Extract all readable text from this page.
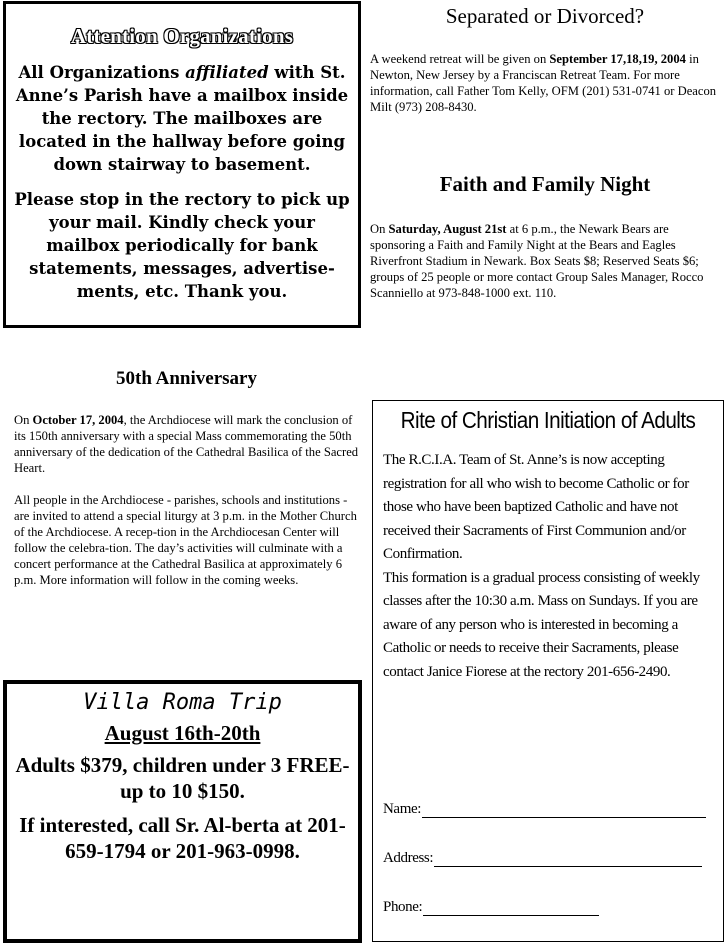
Attention Organizations

All Organizations affiliated with St. Anne’s Parish have a mailbox inside the rectory. The mailboxes are located in the hallway before going down stairway to basement.

Please stop in the rectory to pick up your mail. Kindly check your mailbox periodically for bank statements, messages, advertise-ments, etc. Thank you.

Separated or Divorced?

A weekend retreat will be given on September 17,18,19, 2004 in Newton, New Jersey by a Franciscan Retreat Team. For more information, call Father Tom Kelly, OFM (201) 531-0741 or Deacon Milt (973) 208-8430.

Faith and Family Night

On Saturday, August 21st at 6 p.m., the Newark Bears are sponsoring a Faith and Family Night at the Bears and Eagles Riverfront Stadium in Newark. Box Seats $8; Reserved Seats $6; groups of 25 people or more contact Group Sales Manager, Rocco Scanniello at 973-848-1000 ext. 110.

50th Anniversary

On October 17, 2004, the Archdiocese will mark the conclusion of its 150th anniversary with a special Mass commemorating the 50th anniversary of the dedication of the Cathedral Basilica of the Sacred Heart.

All people in the Archdiocese - parishes, schools and institutions - are invited to attend a special liturgy at 3 p.m. in the Mother Church of the Archdiocese. A recep-tion in the Archdiocesan Center will follow the celebra-tion. The day’s activities will culminate with a concert performance at the Cathedral Basilica at approximately 6 p.m. More information will follow in the coming weeks.

Rite of Christian Initiation of Adults

The R.C.I.A. Team of St. Anne’s is now accepting registration for all who wish to become Catholic or for those who have been baptized Catholic and have not received their Sacraments of First Communion and/or Confirmation.

This formation is a gradual process consisting of weekly classes after the 10:30 a.m. Mass on Sundays. If you are aware of any person who is interested in becoming a Catholic or needs to receive their Sacraments, please contact Janice Fiorese at the rectory 201-656-2490.

Name:
Address:
Phone:
Villa Roma Trip
August 16th-20th

Adults $379, children under 3 FREE-up to 10 $150.

If interested, call Sr. Al-berta at 201-659-1794 or 201-963-0998.
